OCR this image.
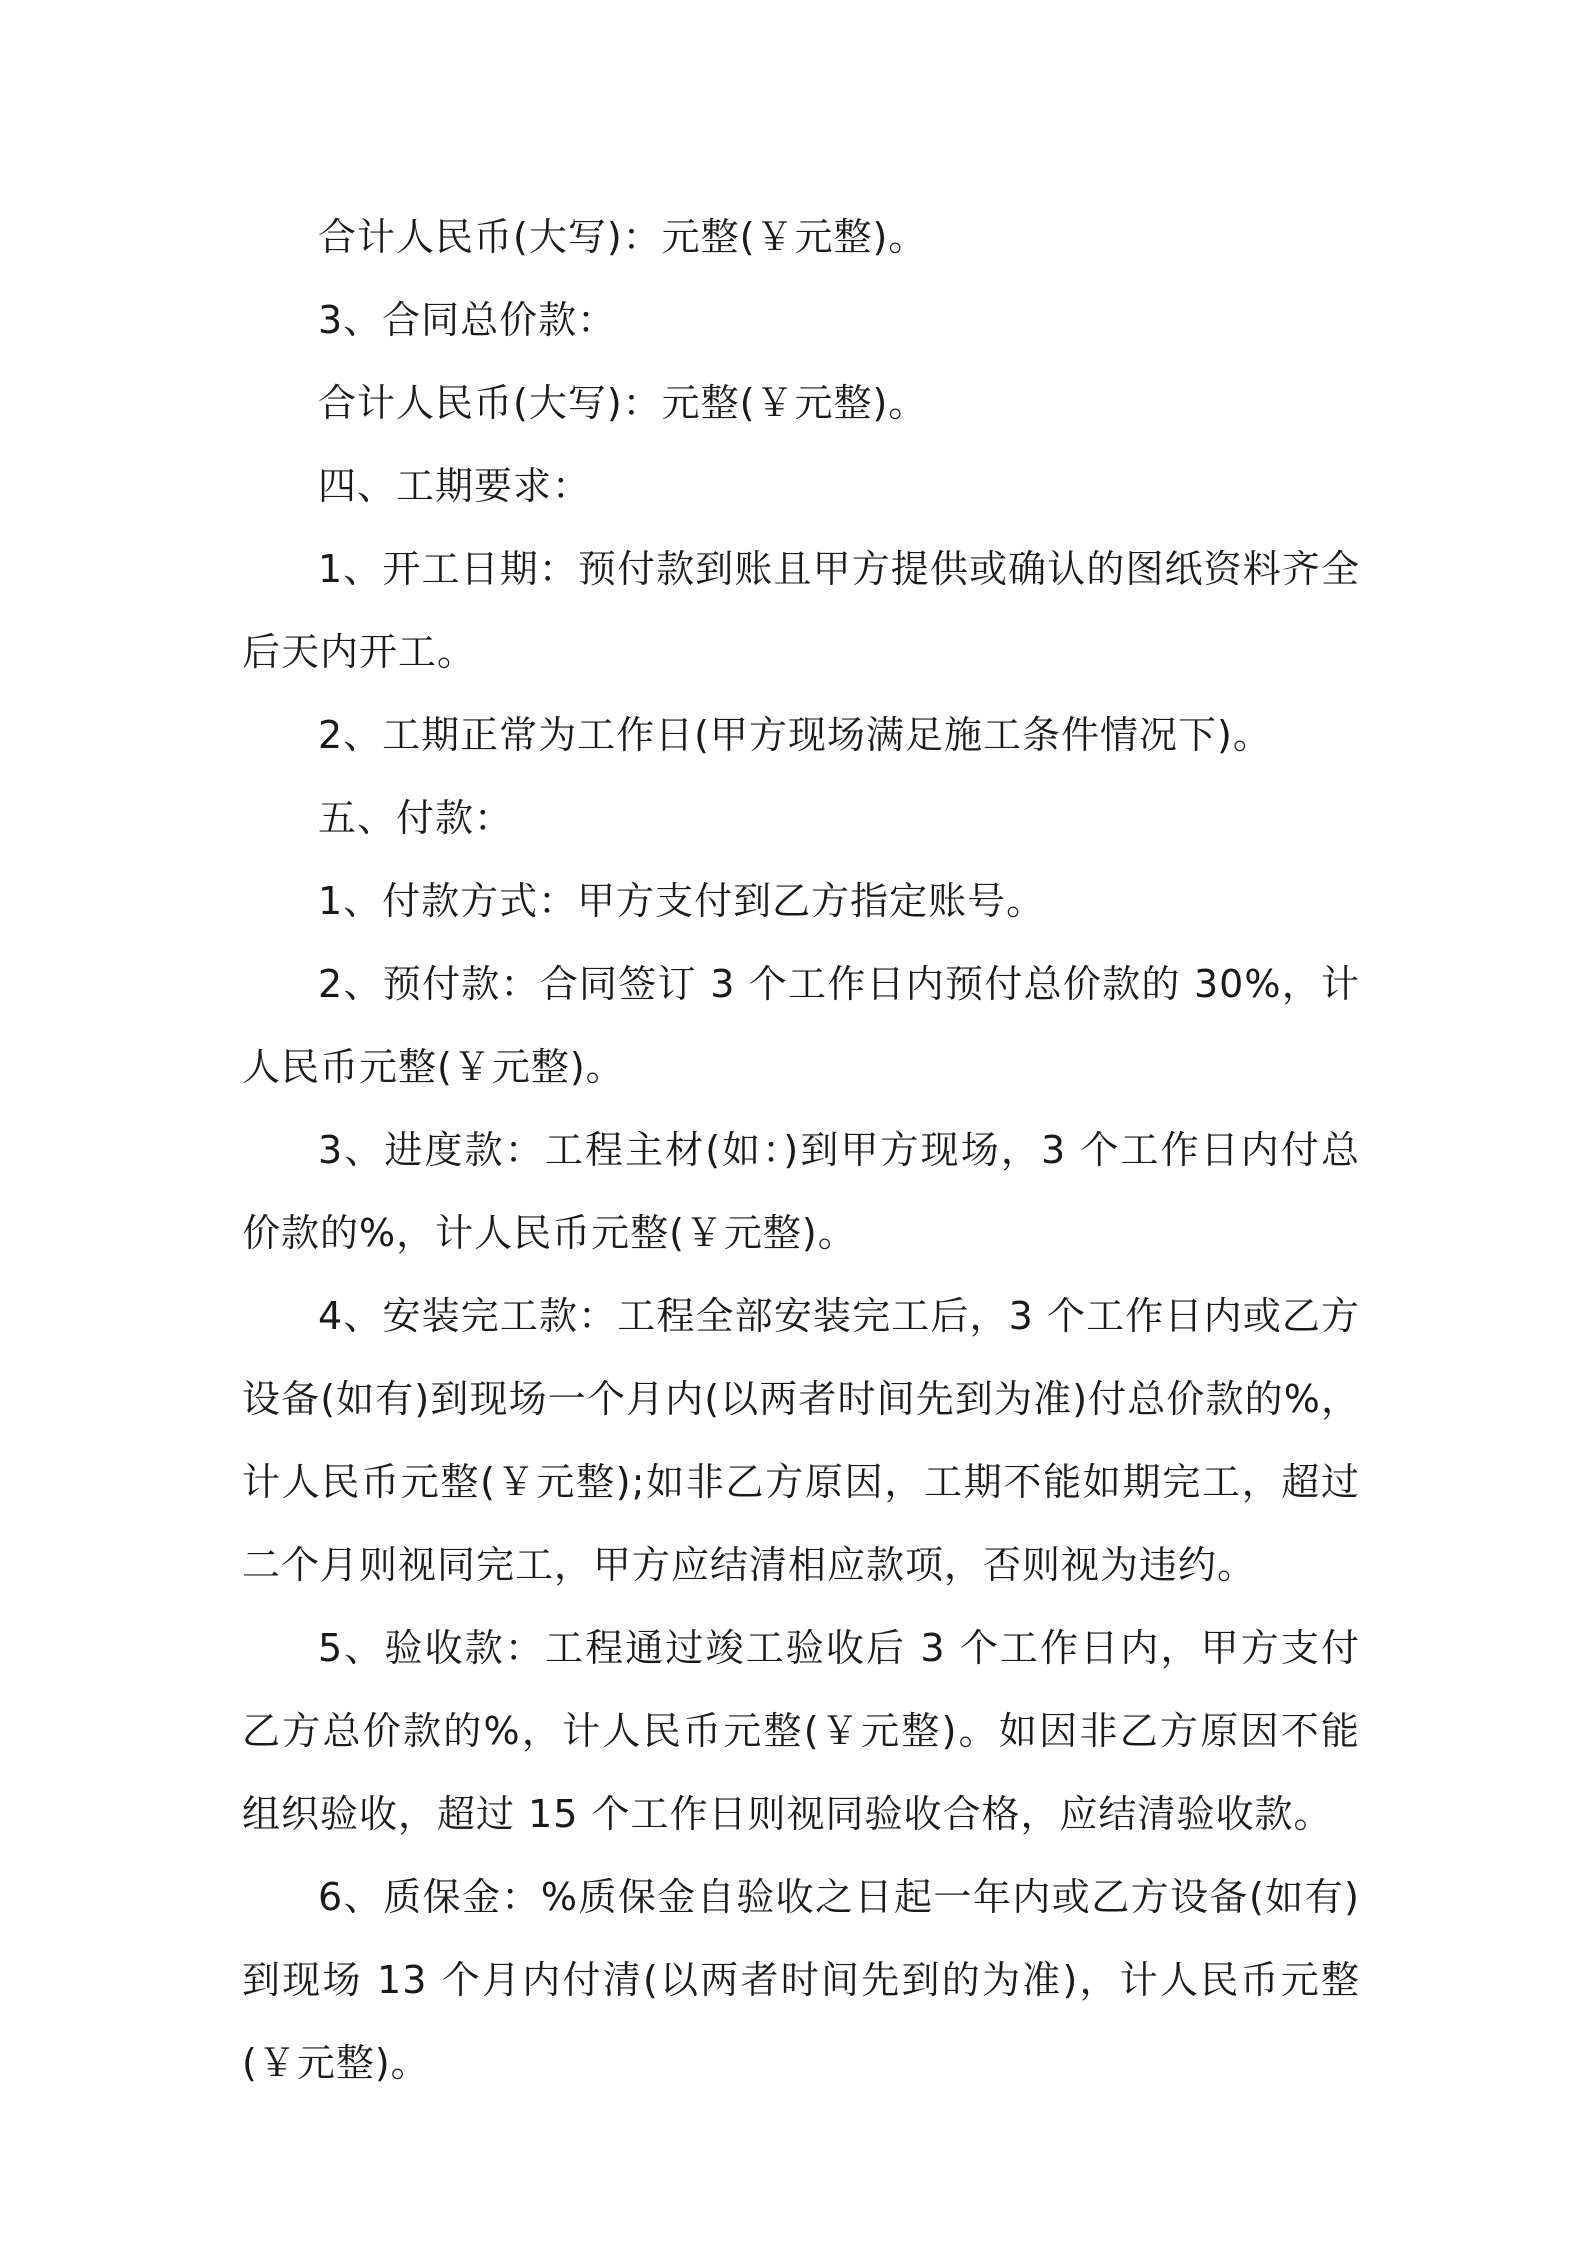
合计人民币(大写)：元整(￥元整)。

3、合同总价款：

合计人民币(大写)：元整(￥元整)。

四、工期要求：

1、开工日期：预付款到账且甲方提供或确认的图纸资料齐全后天内开工。

2、工期正常为工作日(甲方现场满足施工条件情况下)。

五、付款：

1、付款方式：甲方支付到乙方指定账号。

2、预付款：合同签订 3 个工作日内预付总价款的 30%，计人民币元整(￥元整)。

3、进度款：工程主材(如：)到甲方现场，3 个工作日内付总价款的%，计人民币元整(￥元整)。

4、安装完工款：工程全部安装完工后，3 个工作日内或乙方设备(如有)到现场一个月内(以两者时间先到为准)付总价款的%，计人民币元整(￥元整);如非乙方原因，工期不能如期完工，超过二个月则视同完工，甲方应结清相应款项，否则视为违约。

5、验收款：工程通过竣工验收后 3 个工作日内，甲方支付乙方总价款的%，计人民币元整(￥元整)。如因非乙方原因不能组织验收，超过 15 个工作日则视同验收合格，应结清验收款。

6、质保金：%质保金自验收之日起一年内或乙方设备(如有)到现场 13 个月内付清(以两者时间先到的为准)，计人民币元整(￥元整)。
